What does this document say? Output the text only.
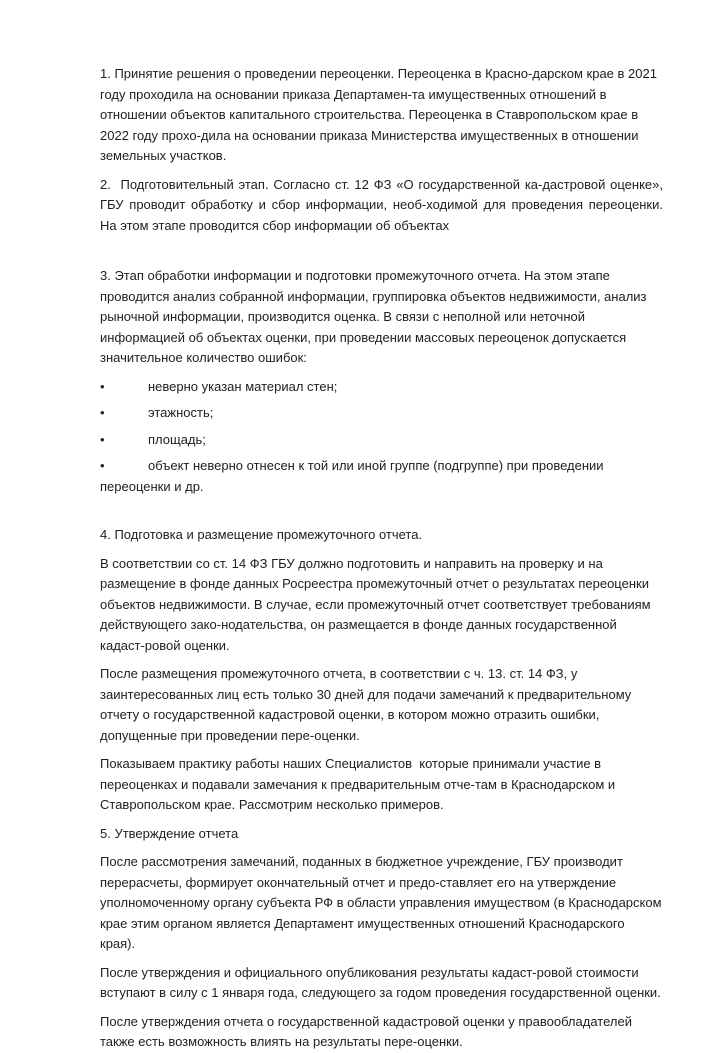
1. Принятие решения о проведении переоценки. Переоценка в Красно-дарском крае в 2021 году проходила на основании приказа Департамен-та имущественных отношений в отношении объектов капитального строительства. Переоценка в Ставропольском крае в 2022 году прохо-дила на основании приказа Министерства имущественных в отношении земельных участков.

2.  Подготовительный этап. Согласно ст. 12 ФЗ «О государственной ка-дастровой оценке», ГБУ проводит обработку и сбор информации, необ-ходимой для проведения переоценки. На этом этапе проводится сбор информации об объектах

3. Этап обработки информации и подготовки промежуточного отчета. На этом этапе проводится анализ собранной информации, группировка объектов недвижимости, анализ рыночной информации, производится оценка. В связи с неполной или неточной информацией об объектах оценки, при проведении массовых переоценок допускается значительное количество ошибок:

•	неверно указан материал стен;
•	этажность;
•	площадь;
•	объект неверно отнесен к той или иной группе (подгруппе) при проведении переоценки и др.

4. Подготовка и размещение промежуточного отчета.

В соответствии со ст. 14 ФЗ ГБУ должно подготовить и направить на проверку и на размещение в фонде данных Росреестра промежуточный отчет о результатах переоценки объектов недвижимости. В случае, если промежуточный отчет соответствует требованиям действующего зако-нодательства, он размещается в фонде данных государственной кадаст-ровой оценки.

После размещения промежуточного отчета, в соответствии с ч. 13. ст. 14 ФЗ, у заинтересованных лиц есть только 30 дней для подачи замечаний к предварительному отчету о государственной кадастровой оценки, в котором можно отразить ошибки, допущенные при проведении пере-оценки.

Показываем практику работы наших Специалистов  которые принимали участие в переоценках и подавали замечания к предварительным отче-там в Краснодарском и Ставропольском крае. Рассмотрим несколько примеров.

5. Утверждение отчета

После рассмотрения замечаний, поданных в бюджетное учреждение, ГБУ производит перерасчеты, формирует окончательный отчет и предо-ставляет его на утверждение уполномоченному органу субъекта РФ в области управления имуществом (в Краснодарском крае этим органом является Департамент имущественных отношений Краснодарского края).

После утверждения и официального опубликования результаты кадаст-ровой стоимости вступают в силу с 1 января года, следующего за годом проведения государственной оценки.

После утверждения отчета о государственной кадастровой оценки у правообладателей также есть возможность влиять на результаты пере-оценки.
